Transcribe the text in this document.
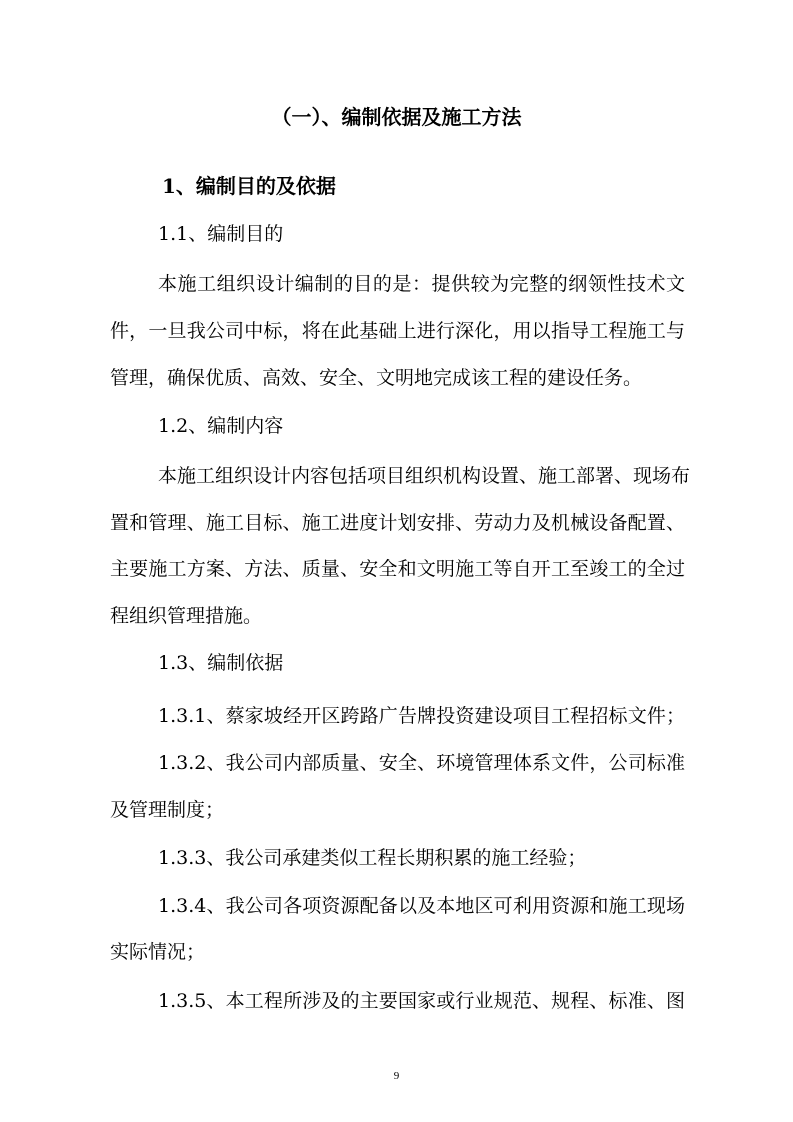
（一）、编制依据及施工方法
1、编制目的及依据
1.1、编制目的
本施工组织设计编制的目的是：提供较为完整的纲领性技术文
件，一旦我公司中标，将在此基础上进行深化，用以指导工程施工与
管理，确保优质、高效、安全、文明地完成该工程的建设任务。
1.2、编制内容
本施工组织设计内容包括项目组织机构设置、施工部署、现场布
置和管理、施工目标、施工进度计划安排、劳动力及机械设备配置、
主要施工方案、方法、质量、安全和文明施工等自开工至竣工的全过
程组织管理措施。
1.3、编制依据
1.3.1、蔡家坡经开区跨路广告牌投资建设项目工程招标文件；
1.3.2、我公司内部质量、安全、环境管理体系文件，公司标准
及管理制度；
1.3.3、我公司承建类似工程长期积累的施工经验；
1.3.4、我公司各项资源配备以及本地区可利用资源和施工现场
实际情况；
1.3.5、本工程所涉及的主要国家或行业规范、规程、标准、图
9
